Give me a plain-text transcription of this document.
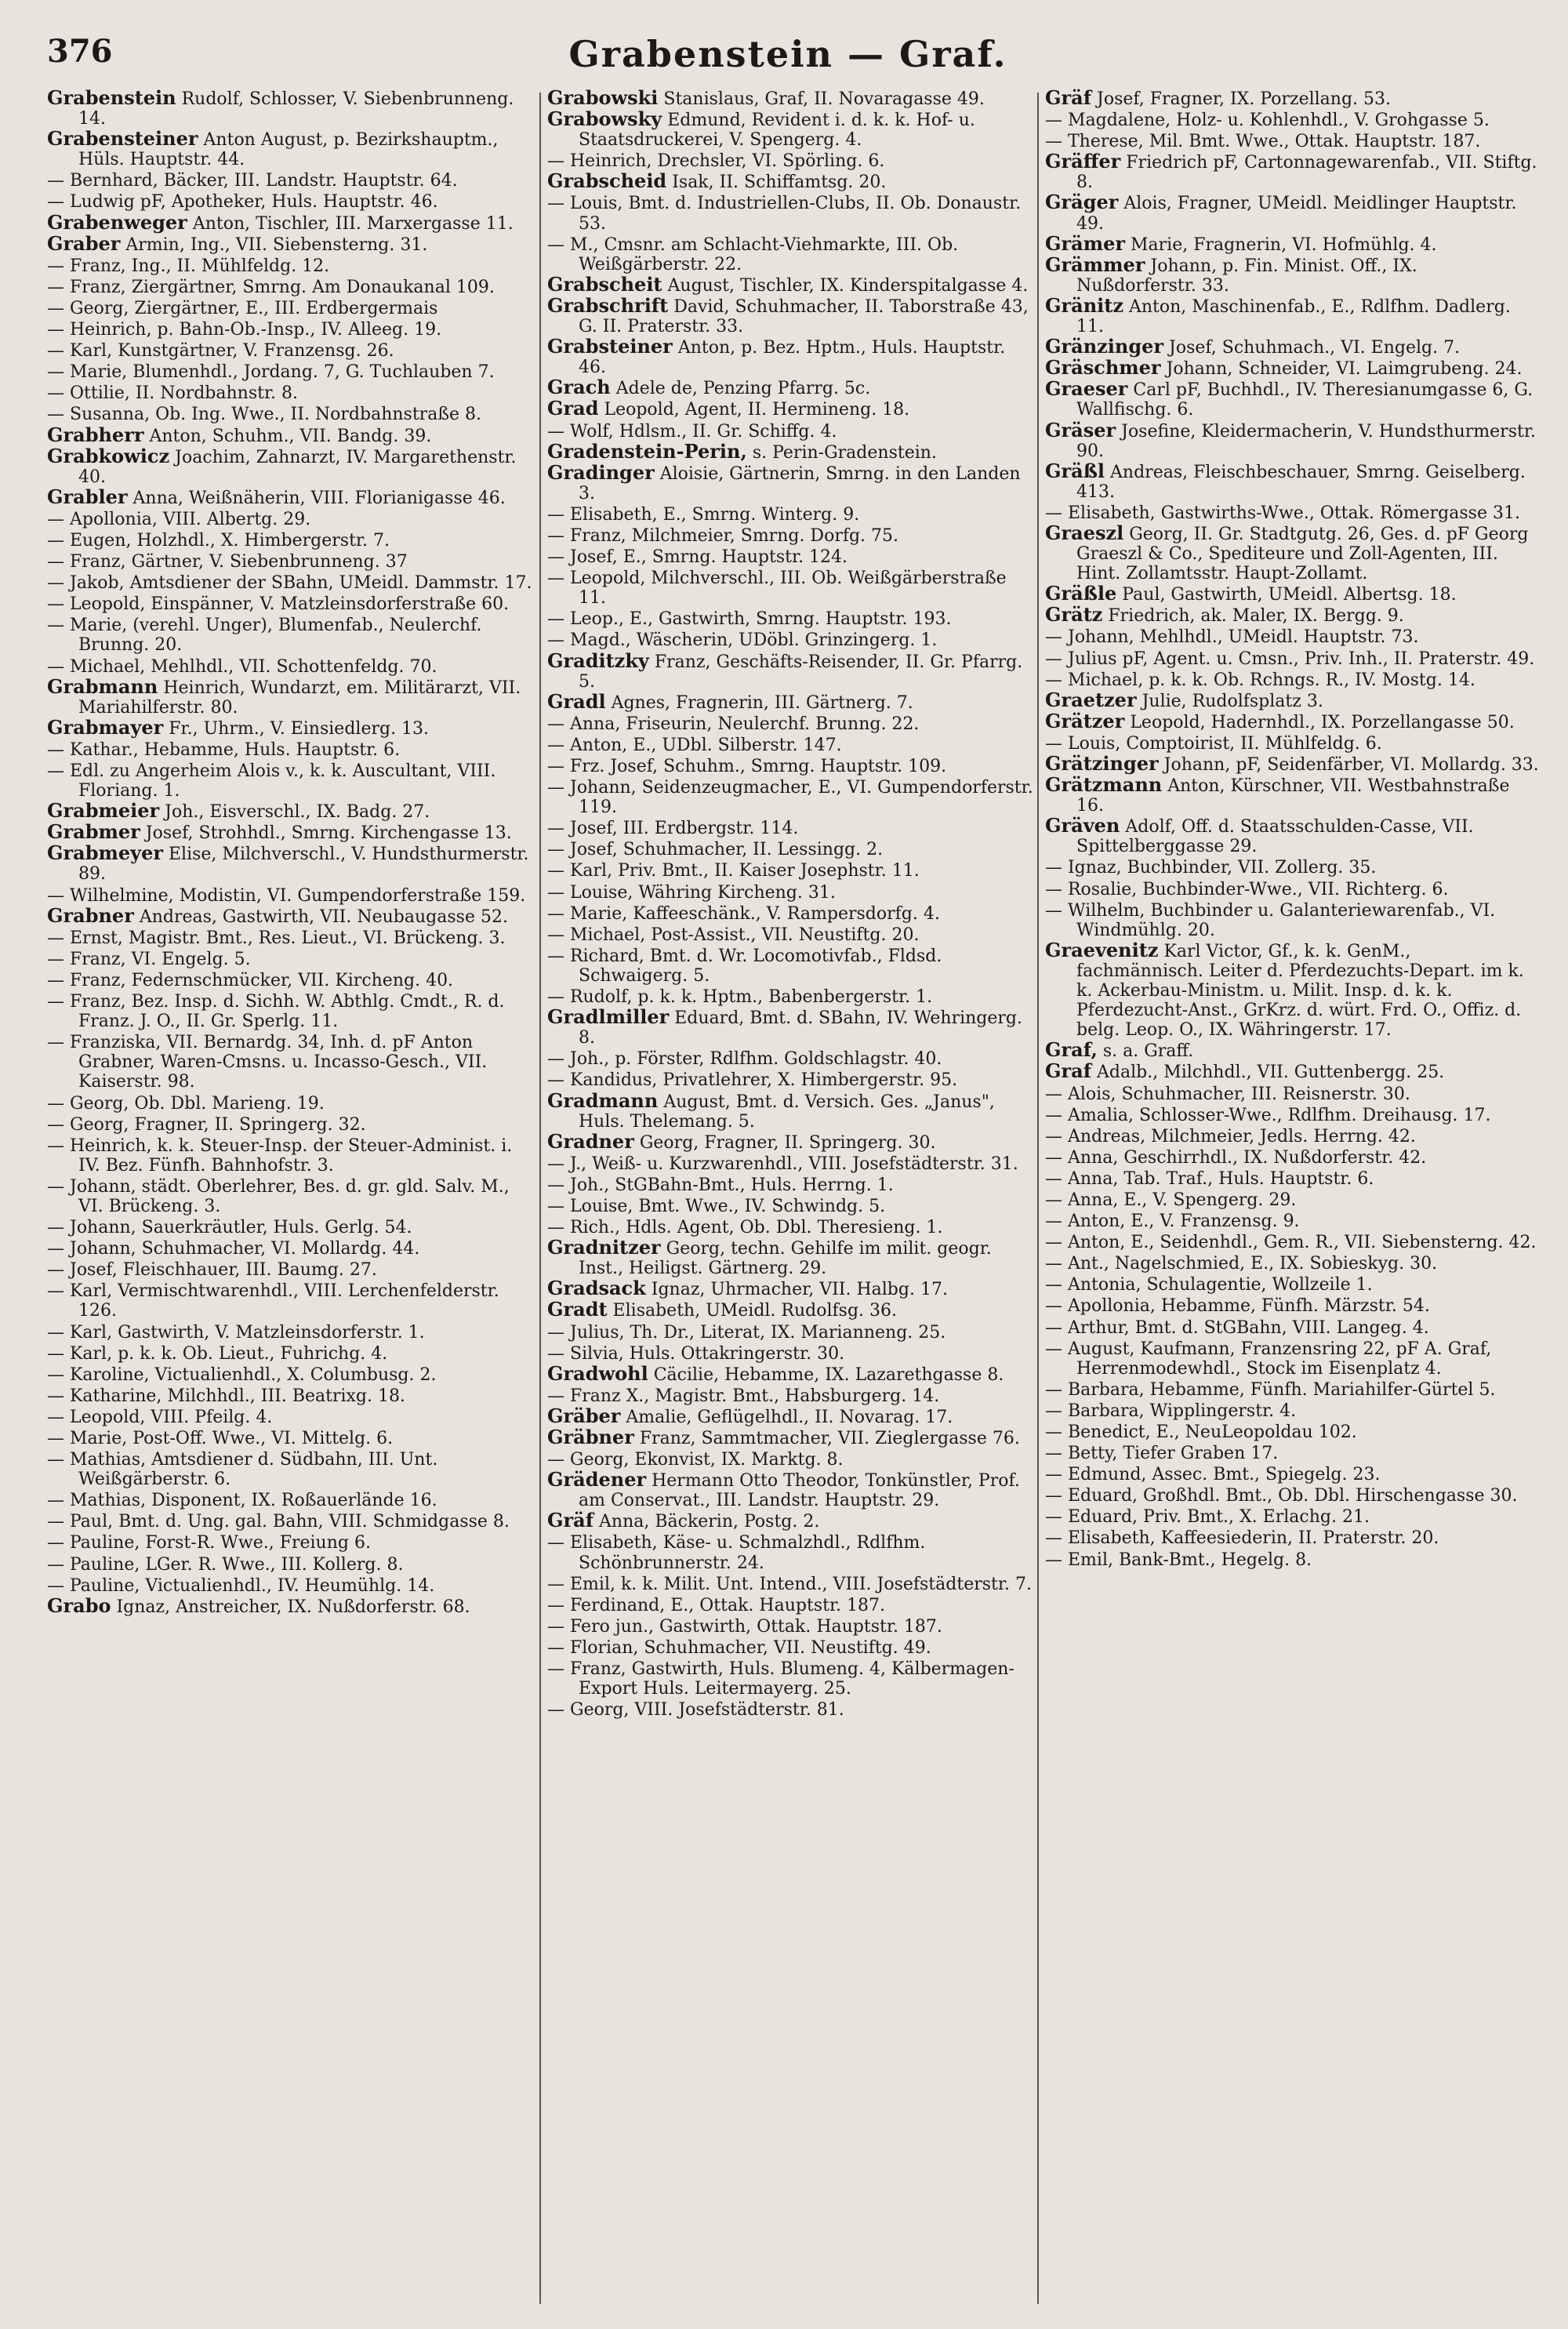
376	Grabenstein — Graf.

Grabenstein Rudolf, Schlosser, V. Siebenbrunneng. 14.

Grabensteiner Anton August, p. Bezirkshauptm., Hüls. Hauptstr. 44.

— Bernhard, Bäcker, III. Landstr. Hauptstr. 64.

— Ludwig pF, Apotheker, Huls. Hauptstr. 46.

Grabenweger Anton, Tischler, III. Marxergasse 11.

Graber Armin, Ing., VII. Siebensterng. 31.

— Franz, Ing., II. Mühlfeldg. 12.

— Franz, Ziergärtner, Smrng. Am Donaukanal 109.

— Georg, Ziergärtner, E., III. Erdbergermais

— Heinrich, p. Bahn-Ob.-Insp., IV. Alleeg. 19.

— Karl, Kunstgärtner, V. Franzensg. 26.

— Marie, Blumenhdl., Jordang. 7, G. Tuchlauben 7.

— Ottilie, II. Nordbahnstr. 8.

— Susanna, Ob. Ing. Wwe., II. Nordbahnstraße 8.

Grabherr Anton, Schuhm., VII. Bandg. 39.

Grabkowicz Joachim, Zahnarzt, IV. Margarethenstr. 40.

Grabler Anna, Weißnäherin, VIII. Florianigasse 46.

— Apollonia, VIII. Albertg. 29.

— Eugen, Holzhdl., X. Himbergerstr. 7.

— Franz, Gärtner, V. Siebenbrunneng. 37

— Jakob, Amtsdiener der SBahn, UMeidl. Dammstr. 17.

— Leopold, Einspänner, V. Matzleinsdorferstraße 60.

— Marie, (verehl. Unger), Blumenfab., Neulerchf. Brunng. 20.

— Michael, Mehlhdl., VII. Schottenfeldg. 70.

Grabmann Heinrich, Wundarzt, em. Militärarzt, VII. Mariahilferstr. 80.

Grabmayer Fr., Uhrm., V. Einsiedlerg. 13.

— Kathar., Hebamme, Huls. Hauptstr. 6.

— Edl. zu Angerheim Alois v., k. k. Auscultant, VIII. Floriang. 1.

Grabmeier Joh., Eisverschl., IX. Badg. 27.

Grabmer Josef, Strohhdl., Smrng. Kirchengasse 13.

Grabmeyer Elise, Milchverschl., V. Hundsthurmerstr. 89.

— Wilhelmine, Modistin, VI. Gumpendorferstraße 159.

Grabner Andreas, Gastwirth, VII. Neubaugasse 52.

— Ernst, Magistr. Bmt., Res. Lieut., VI. Brückeng. 3.

— Franz, VI. Engelg. 5.

— Franz, Federnschmücker, VII. Kircheng. 40.

— Franz, Bez. Insp. d. Sichh. W. Abthlg. Cmdt., R. d. Franz. J. O., II. Gr. Sperlg. 11.

— Franziska, VII. Bernardg. 34, Inh. d. pF Anton Grabner, Waren-Cmsns. u. Incasso-Gesch., VII. Kaiserstr. 98.

— Georg, Ob. Dbl. Marieng. 19.

— Georg, Fragner, II. Springerg. 32.

— Heinrich, k. k. Steuer-Insp. der Steuer-Administ. i. IV. Bez. Fünfh. Bahnhofstr. 3.

— Johann, städt. Oberlehrer, Bes. d. gr. gld. Salv. M., VI. Brückeng. 3.

— Johann, Sauerkräutler, Huls. Gerlg. 54.

— Johann, Schuhmacher, VI. Mollardg. 44.

— Josef, Fleischhauer, III. Baumg. 27.

— Karl, Vermischtwarenhdl., VIII. Lerchenfelderstr. 126.

— Karl, Gastwirth, V. Matzleinsdorferstr. 1.

— Karl, p. k. k. Ob. Lieut., Fuhrichg. 4.

— Karoline, Victualienhdl., X. Columbusg. 2.

— Katharine, Milchhdl., III. Beatrixg. 18.

— Leopold, VIII. Pfeilg. 4.

— Marie, Post-Off. Wwe., VI. Mittelg. 6.

— Mathias, Amtsdiener d. Südbahn, III. Unt. Weißgärberstr. 6.

— Mathias, Disponent, IX. Roßauerlände 16.

— Paul, Bmt. d. Ung. gal. Bahn, VIII. Schmidgasse 8.

— Pauline, Forst-R. Wwe., Freiung 6.

— Pauline, LGer. R. Wwe., III. Kollerg. 8.

— Pauline, Victualienhdl., IV. Heumühlg. 14.

Grabo Ignaz, Anstreicher, IX. Nußdorferstr. 68.

Grabowski Stanislaus, Graf, II. Novaragasse 49.

Grabowsky Edmund, Revident i. d. k. k. Hof- u. Staatsdruckerei, V. Spengerg. 4.

— Heinrich, Drechsler, VI. Spörling. 6.

Grabscheid Isak, II. Schiffamtsg. 20.

— Louis, Bmt. d. Industriellen-Clubs, II. Ob. Donaustr. 53.

— M., Cmsnr. am Schlacht-Viehmarkte, III. Ob. Weißgärberstr. 22.

Grabscheit August, Tischler, IX. Kinderspitalgasse 4.

Grabschrift David, Schuhmacher, II. Taborstraße 43, G. II. Praterstr. 33.

Grabsteiner Anton, p. Bez. Hptm., Huls. Hauptstr. 46.

Grach Adele de, Penzing Pfarrg. 5c.

Grad Leopold, Agent, II. Hermineng. 18.

— Wolf, Hdlsm., II. Gr. Schiffg. 4.

Gradenstein-Perin, s. Perin-Gradenstein.

Gradinger Aloisie, Gärtnerin, Smrng. in den Landen 3.

— Elisabeth, E., Smrng. Winterg. 9.

— Franz, Milchmeier, Smrng. Dorfg. 75.

— Josef, E., Smrng. Hauptstr. 124.

— Leopold, Milchverschl., III. Ob. Weißgärberstraße 11.

— Leop., E., Gastwirth, Smrng. Hauptstr. 193.

— Magd., Wäscherin, UDöbl. Grinzingerg. 1.

Graditzky Franz, Geschäfts-Reisender, II. Gr. Pfarrg. 5.

Gradl Agnes, Fragnerin, III. Gärtnerg. 7.

— Anna, Friseurin, Neulerchf. Brunng. 22.

— Anton, E., UDbl. Silberstr. 147.

— Frz. Josef, Schuhm., Smrng. Hauptstr. 109.

— Johann, Seidenzeugmacher, E., VI. Gumpendorferstr. 119.

— Josef, III. Erdbergstr. 114.

— Josef, Schuhmacher, II. Lessingg. 2.

— Karl, Priv. Bmt., II. Kaiser Josephstr. 11.

— Louise, Währing Kircheng. 31.

— Marie, Kaffeeschänk., V. Rampersdorfg. 4.

— Michael, Post-Assist., VII. Neustiftg. 20.

— Richard, Bmt. d. Wr. Locomotivfab., Fldsd. Schwaigerg. 5.

— Rudolf, p. k. k. Hptm., Babenbergerstr. 1.

Gradlmiller Eduard, Bmt. d. SBahn, IV. Wehringerg. 8.

— Joh., p. Förster, Rdlfhm. Goldschlagstr. 40.

— Kandidus, Privatlehrer, X. Himbergerstr. 95.

Gradmann August, Bmt. d. Versich. Ges. „Janus", Huls. Thelemang. 5.

Gradner Georg, Fragner, II. Springerg. 30.

— J., Weiß- u. Kurzwarenhdl., VIII. Josefstädterstr. 31.

— Joh., StGBahn-Bmt., Huls. Herrng. 1.

— Louise, Bmt. Wwe., IV. Schwindg. 5.

— Rich., Hdls. Agent, Ob. Dbl. Theresieng. 1.

Gradnitzer Georg, techn. Gehilfe im milit. geogr. Inst., Heiligst. Gärtnerg. 29.

Gradsack Ignaz, Uhrmacher, VII. Halbg. 17.

Gradt Elisabeth, UMeidl. Rudolfsg. 36.

— Julius, Th. Dr., Literat, IX. Marianneng. 25.

— Silvia, Huls. Ottakringerstr. 30.

Gradwohl Cäcilie, Hebamme, IX. Lazarethgasse 8.

— Franz X., Magistr. Bmt., Habsburgerg. 14.

Gräber Amalie, Geflügelhdl., II. Novarag. 17.

Gräbner Franz, Sammtmacher, VII. Zieglergasse 76.

— Georg, Ekonvist, IX. Marktg. 8.

Grädener Hermann Otto Theodor, Tonkünstler, Prof. am Conservat., III. Landstr. Hauptstr. 29.

Gräf Anna, Bäckerin, Postg. 2.

— Elisabeth, Käse- u. Schmalzhdl., Rdlfhm. Schönbrunnerstr. 24.

— Emil, k. k. Milit. Unt. Intend., VIII. Josefstädterstr. 7.

— Ferdinand, E., Ottak. Hauptstr. 187.

— Fero jun., Gastwirth, Ottak. Hauptstr. 187.

— Florian, Schuhmacher, VII. Neustiftg. 49.

— Franz, Gastwirth, Huls. Blumeng. 4, Kälbermagen-Export Huls. Leitermayerg. 25.

— Georg, VIII. Josefstädterstr. 81.

Gräf Josef, Fragner, IX. Porzellang. 53.

— Magdalene, Holz- u. Kohlenhdl., V. Grohgasse 5.

— Therese, Mil. Bmt. Wwe., Ottak. Hauptstr. 187.

Gräffer Friedrich pF, Cartonnagewarenfab., VII. Stiftg. 8.

Gräger Alois, Fragner, UMeidl. Meidlinger Hauptstr. 49.

Grämer Marie, Fragnerin, VI. Hofmühlg. 4.

Grämmer Johann, p. Fin. Minist. Off., IX. Nußdorferstr. 33.

Gränitz Anton, Maschinenfab., E., Rdlfhm. Dadlerg. 11.

Gränzinger Josef, Schuhmach., VI. Engelg. 7.

Gräschmer Johann, Schneider, VI. Laimgrubeng. 24.

Graeser Carl pF, Buchhdl., IV. Theresianumgasse 6, G. Wallfischg. 6.

Gräser Josefine, Kleidermacherin, V. Hundsthurmerstr. 90.

Gräßl Andreas, Fleischbeschauer, Smrng. Geiselberg. 413.

— Elisabeth, Gastwirths-Wwe., Ottak. Römergasse 31.

Graeszl Georg, II. Gr. Stadtgutg. 26, Ges. d. pF Georg Graeszl & Co., Spediteure und Zoll-Agenten, III. Hint. Zollamtsstr. Haupt-Zollamt.

Gräßle Paul, Gastwirth, UMeidl. Albertsg. 18.

Grätz Friedrich, ak. Maler, IX. Bergg. 9.

— Johann, Mehlhdl., UMeidl. Hauptstr. 73.

— Julius pF, Agent. u. Cmsn., Priv. Inh., II. Praterstr. 49.

— Michael, p. k. k. Ob. Rchngs. R., IV. Mostg. 14.

Graetzer Julie, Rudolfsplatz 3.

Grätzer Leopold, Hadernhdl., IX. Porzellangasse 50.

— Louis, Comptoirist, II. Mühlfeldg. 6.

Grätzinger Johann, pF, Seidenfärber, VI. Mollardg. 33.

Grätzmann Anton, Kürschner, VII. Westbahnstraße 16.

Gräven Adolf, Off. d. Staatsschulden-Casse, VII. Spittelberggasse 29.

— Ignaz, Buchbinder, VII. Zollerg. 35.

— Rosalie, Buchbinder-Wwe., VII. Richterg. 6.

— Wilhelm, Buchbinder u. Galanteriewarenfab., VI. Windmühlg. 20.

Graevenitz Karl Victor, Gf., k. k. GenM., fachmännisch. Leiter d. Pferdezuchts-Depart. im k. k. Ackerbau-Ministm. u. Milit. Insp. d. k. k. Pferdezucht-Anst., GrKrz. d. würt. Frd. O., Offiz. d. belg. Leop. O., IX. Währingerstr. 17.

Graf, s. a. Graff.

Graf Adalb., Milchhdl., VII. Guttenbergg. 25.

— Alois, Schuhmacher, III. Reisnerstr. 30.

— Amalia, Schlosser-Wwe., Rdlfhm. Dreihausg. 17.

— Andreas, Milchmeier, Jedls. Herrng. 42.

— Anna, Geschirrhdl., IX. Nußdorferstr. 42.

— Anna, Tab. Traf., Huls. Hauptstr. 6.

— Anna, E., V. Spengerg. 29.

— Anton, E., V. Franzensg. 9.

— Anton, E., Seidenhdl., Gem. R., VII. Siebensterng. 42.

— Ant., Nagelschmied, E., IX. Sobieskyg. 30.

— Antonia, Schulagentie, Wollzeile 1.

— Apollonia, Hebamme, Fünfh. Märzstr. 54.

— Arthur, Bmt. d. StGBahn, VIII. Langeg. 4.

— August, Kaufmann, Franzensring 22, pF A. Graf, Herrenmodewhdl., Stock im Eisenplatz 4.

— Barbara, Hebamme, Fünfh. Mariahilfer-Gürtel 5.

— Barbara, Wipplingerstr. 4.

— Benedict, E., NeuLeopoldau 102.

— Betty, Tiefer Graben 17.

— Edmund, Assec. Bmt., Spiegelg. 23.

— Eduard, Großhdl. Bmt., Ob. Dbl. Hirschengasse 30.

— Eduard, Priv. Bmt., X. Erlachg. 21.

— Elisabeth, Kaffeesiederin, II. Praterstr. 20.

— Emil, Bank-Bmt., Hegelg. 8.
